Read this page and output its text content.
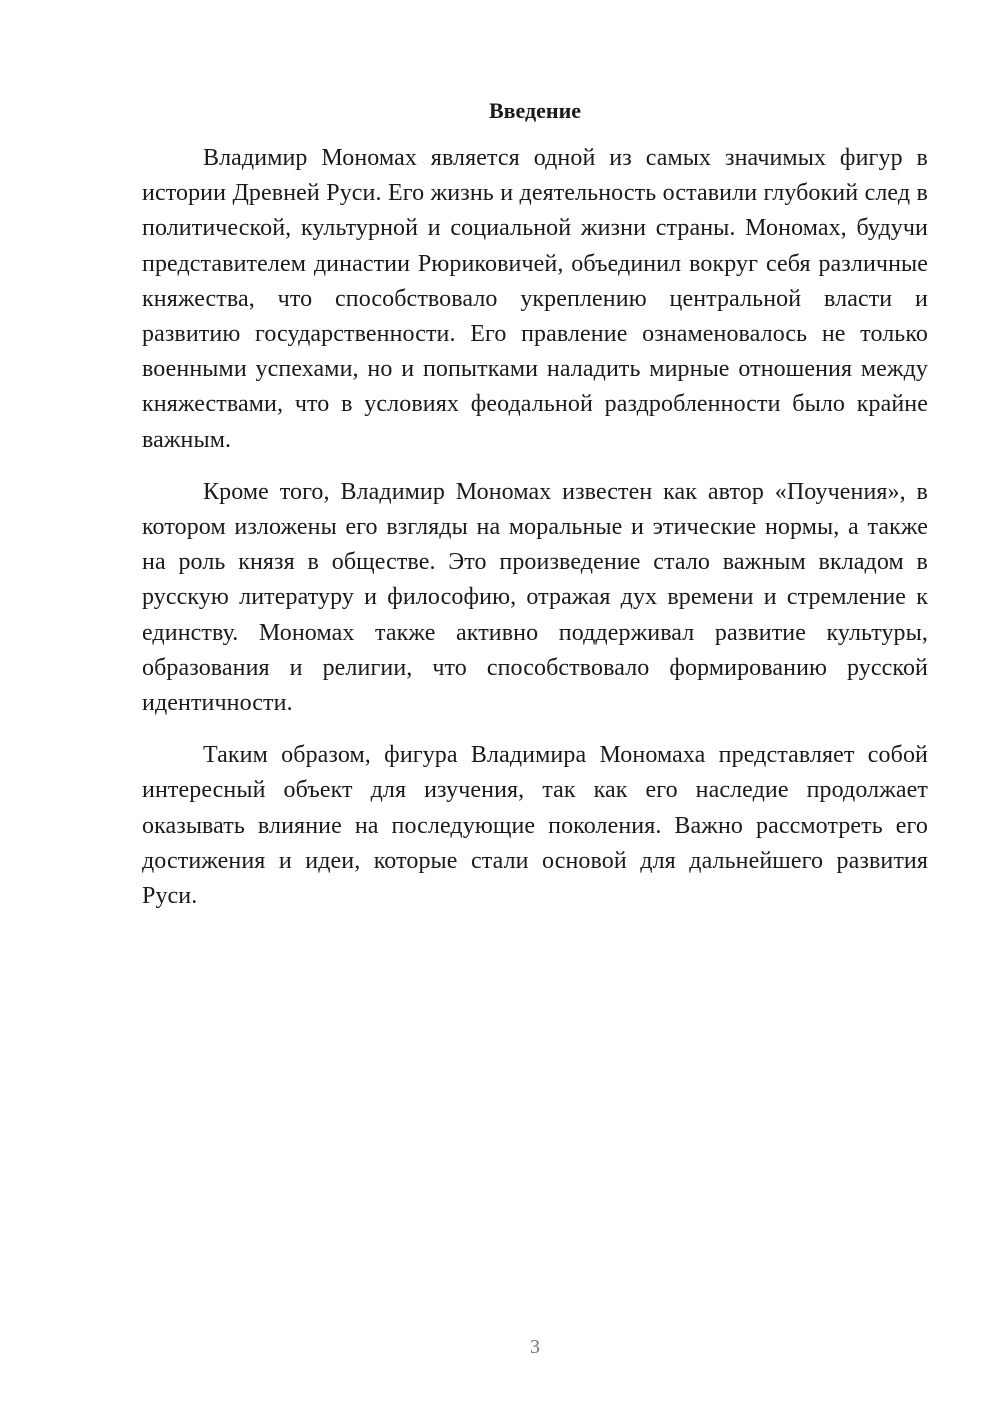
Введение

Владимир Мономах является одной из самых значимых фигур в истории Древней Руси. Его жизнь и деятельность оставили глубокий след в политической, культурной и социальной жизни страны. Мономах, будучи представителем династии Рюриковичей, объединил вокруг себя различные княжества, что способствовало укреплению центральной власти и развитию государственности. Его правление ознаменовалось не только военными успехами, но и попытками наладить мирные отношения между княжествами, что в условиях феодальной раздробленности было крайне важным.

Кроме того, Владимир Мономах известен как автор «Поучения», в котором изложены его взгляды на моральные и этические нормы, а также на роль князя в обществе. Это произведение стало важным вкладом в русскую литературу и философию, отражая дух времени и стремление к единству. Мономах также активно поддерживал развитие культуры, образования и религии, что способствовало формированию русской идентичности.

Таким образом, фигура Владимира Мономаха представляет собой интересный объект для изучения, так как его наследие продолжает оказывать влияние на последующие поколения. Важно рассмотреть его достижения и идеи, которые стали основой для дальнейшего развития Руси.

3
